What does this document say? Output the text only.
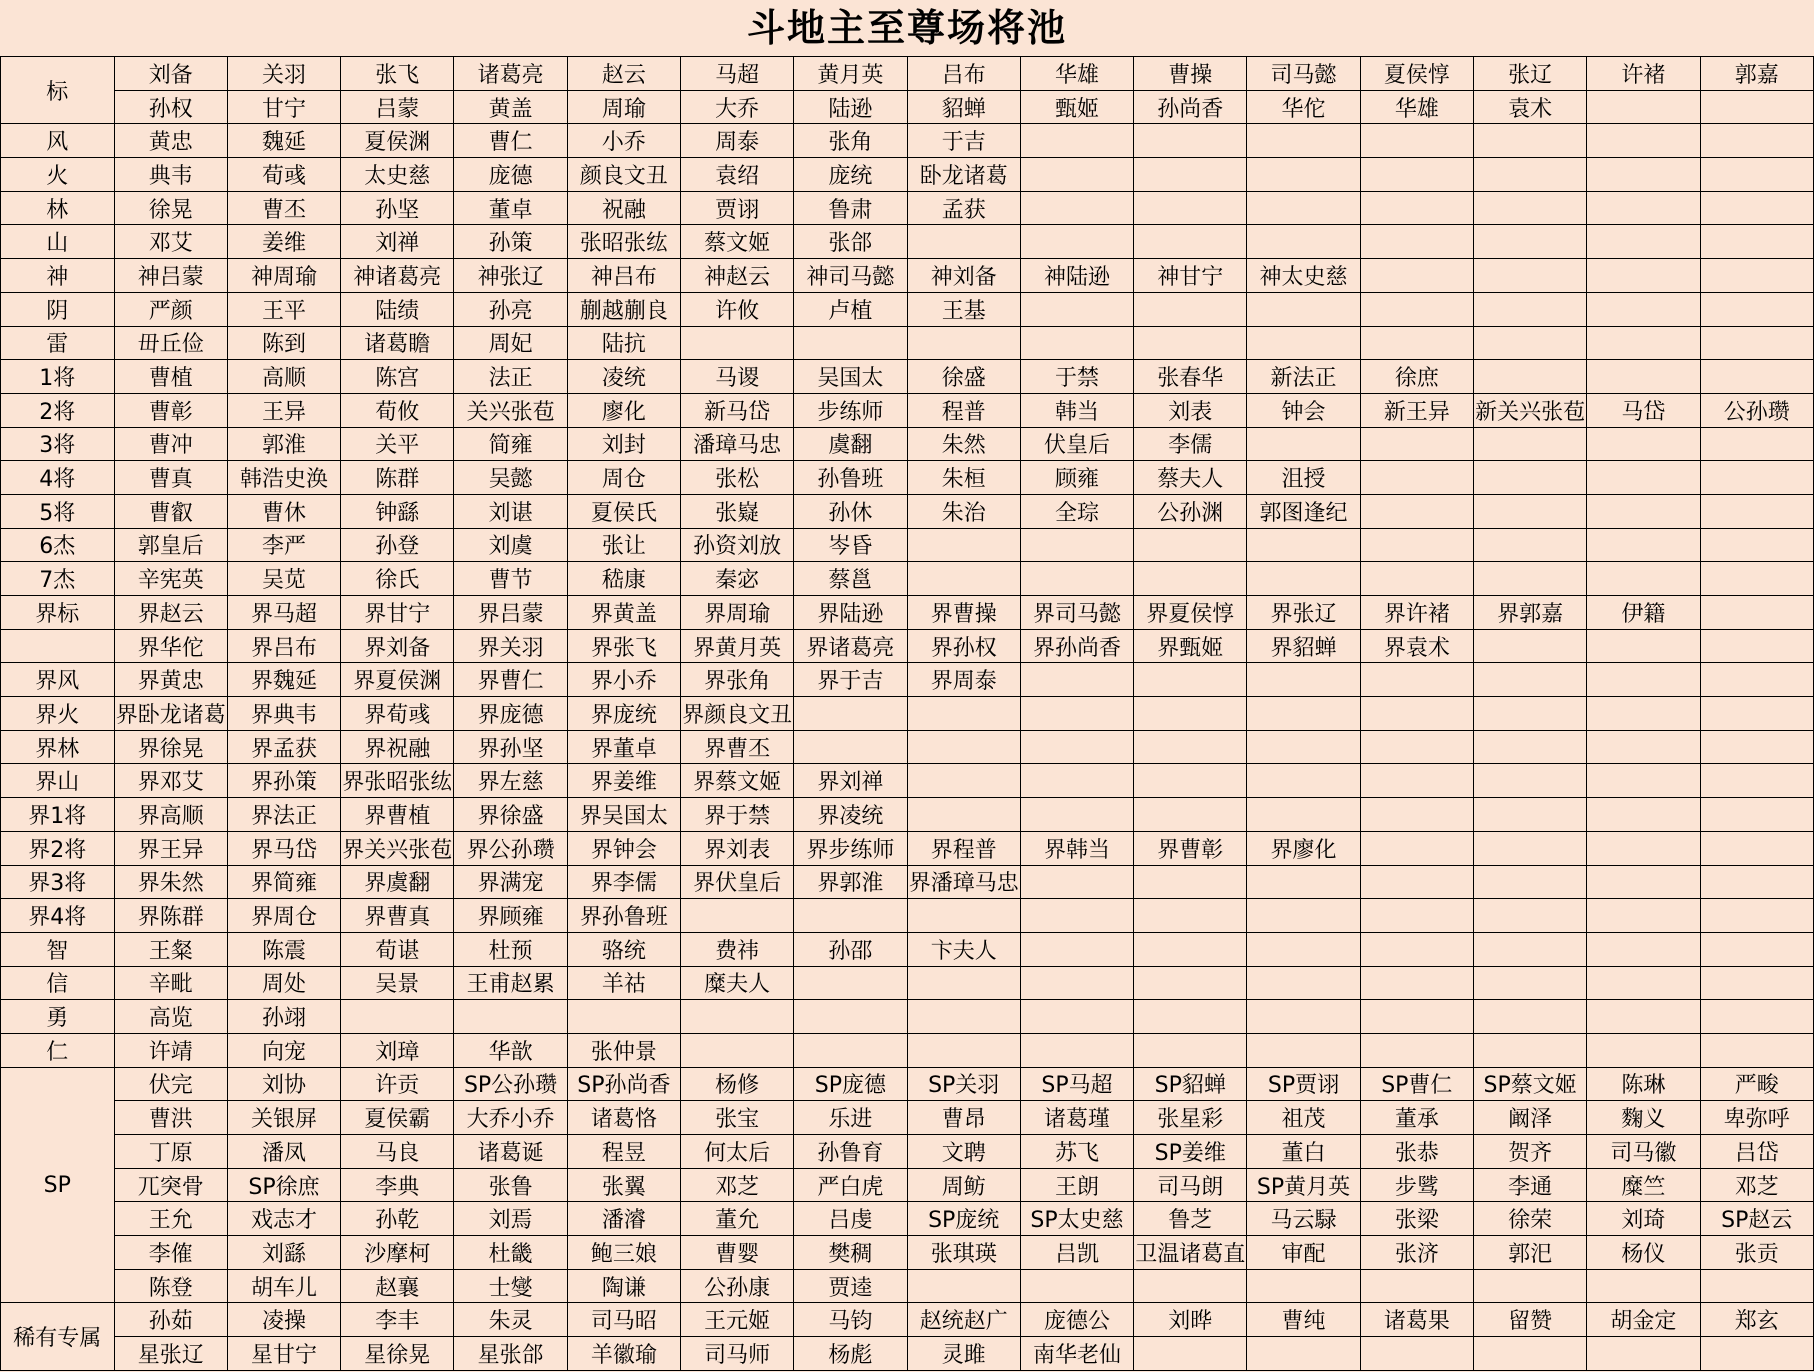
斗地主至尊场将池
标	刘备	关羽	张飞	诸葛亮	赵云	马超	黄月英	吕布	华雄	曹操	司马懿	夏侯惇	张辽	许褚	郭嘉
	孙权	甘宁	吕蒙	黄盖	周瑜	大乔	陆逊	貂蝉	甄姬	孙尚香	华佗	华雄	袁术		
风	黄忠	魏延	夏侯渊	曹仁	小乔	周泰	张角	于吉							
火	典韦	荀彧	太史慈	庞德	颜良文丑	袁绍	庞统	卧龙诸葛							
林	徐晃	曹丕	孙坚	董卓	祝融	贾诩	鲁肃	孟获							
山	邓艾	姜维	刘禅	孙策	张昭张纮	蔡文姬	张郃								
神	神吕蒙	神周瑜	神诸葛亮	神张辽	神吕布	神赵云	神司马懿	神刘备	神陆逊	神甘宁	神太史慈				
阴	严颜	王平	陆绩	孙亮	蒯越蒯良	许攸	卢植	王基							
雷	毌丘俭	陈到	诸葛瞻	周妃	陆抗										
1将	曹植	高顺	陈宫	法正	凌统	马谡	吴国太	徐盛	于禁	张春华	新法正	徐庶			
2将	曹彰	王异	荀攸	关兴张苞	廖化	新马岱	步练师	程普	韩当	刘表	钟会	新王异	新关兴张苞	马岱	公孙瓒
3将	曹冲	郭淮	关平	简雍	刘封	潘璋马忠	虞翻	朱然	伏皇后	李儒					
4将	曹真	韩浩史涣	陈群	吴懿	周仓	张松	孙鲁班	朱桓	顾雍	蔡夫人	沮授				
5将	曹叡	曹休	钟繇	刘谌	夏侯氏	张嶷	孙休	朱治	全琮	公孙渊	郭图逢纪				
6杰	郭皇后	李严	孙登	刘虞	张让	孙资刘放	岑昏								
7杰	辛宪英	吴苋	徐氏	曹节	嵇康	秦宓	蔡邕								
界标	界赵云	界马超	界甘宁	界吕蒙	界黄盖	界周瑜	界陆逊	界曹操	界司马懿	界夏侯惇	界张辽	界许褚	界郭嘉	伊籍	
	界华佗	界吕布	界刘备	界关羽	界张飞	界黄月英	界诸葛亮	界孙权	界孙尚香	界甄姬	界貂蝉	界袁术			
界风	界黄忠	界魏延	界夏侯渊	界曹仁	界小乔	界张角	界于吉	界周泰							
界火	界卧龙诸葛	界典韦	界荀彧	界庞德	界庞统	界颜良文丑									
界林	界徐晃	界孟获	界祝融	界孙坚	界董卓	界曹丕									
界山	界邓艾	界孙策	界张昭张纮	界左慈	界姜维	界蔡文姬	界刘禅								
界1将	界高顺	界法正	界曹植	界徐盛	界吴国太	界于禁	界凌统								
界2将	界王异	界马岱	界关兴张苞	界公孙瓒	界钟会	界刘表	界步练师	界程普	界韩当	界曹彰	界廖化				
界3将	界朱然	界简雍	界虞翻	界满宠	界李儒	界伏皇后	界郭淮	界潘璋马忠							
界4将	界陈群	界周仓	界曹真	界顾雍	界孙鲁班										
智	王粲	陈震	荀谌	杜预	骆统	费祎	孙邵	卞夫人							
信	辛毗	周处	吴景	王甫赵累	羊祜	糜夫人									
勇	高览	孙翊													
仁	许靖	向宠	刘璋	华歆	张仲景										
SP	伏完	刘协	许贡	SP公孙瓒	SP孙尚香	杨修	SP庞德	SP关羽	SP马超	SP貂蝉	SP贾诩	SP曹仁	SP蔡文姬	陈琳	严畯
	曹洪	关银屏	夏侯霸	大乔小乔	诸葛恪	张宝	乐进	曹昂	诸葛瑾	张星彩	祖茂	董承	阚泽	麴义	卑弥呼
	丁原	潘凤	马良	诸葛诞	程昱	何太后	孙鲁育	文聘	苏飞	SP姜维	董白	张恭	贺齐	司马徽	吕岱
	兀突骨	SP徐庶	李典	张鲁	张翼	邓芝	严白虎	周鲂	王朗	司马朗	SP黄月英	步骘	李通	糜竺	邓芝
	王允	戏志才	孙乾	刘焉	潘濬	董允	吕虔	SP庞统	SP太史慈	鲁芝	马云騄	张梁	徐荣	刘琦	SP赵云
	李傕	刘繇	沙摩柯	杜畿	鲍三娘	曹婴	樊稠	张琪瑛	吕凯	卫温诸葛直	审配	张济	郭汜	杨仪	张贡
	陈登	胡车儿	赵襄	士燮	陶谦	公孙康	贾逵								
稀有专属	孙茹	凌操	李丰	朱灵	司马昭	王元姬	马钧	赵统赵广	庞德公	刘晔	曹纯	诸葛果	留赞	胡金定	郑玄
	星张辽	星甘宁	星徐晃	星张郃	羊徽瑜	司马师	杨彪	灵雎	南华老仙						
